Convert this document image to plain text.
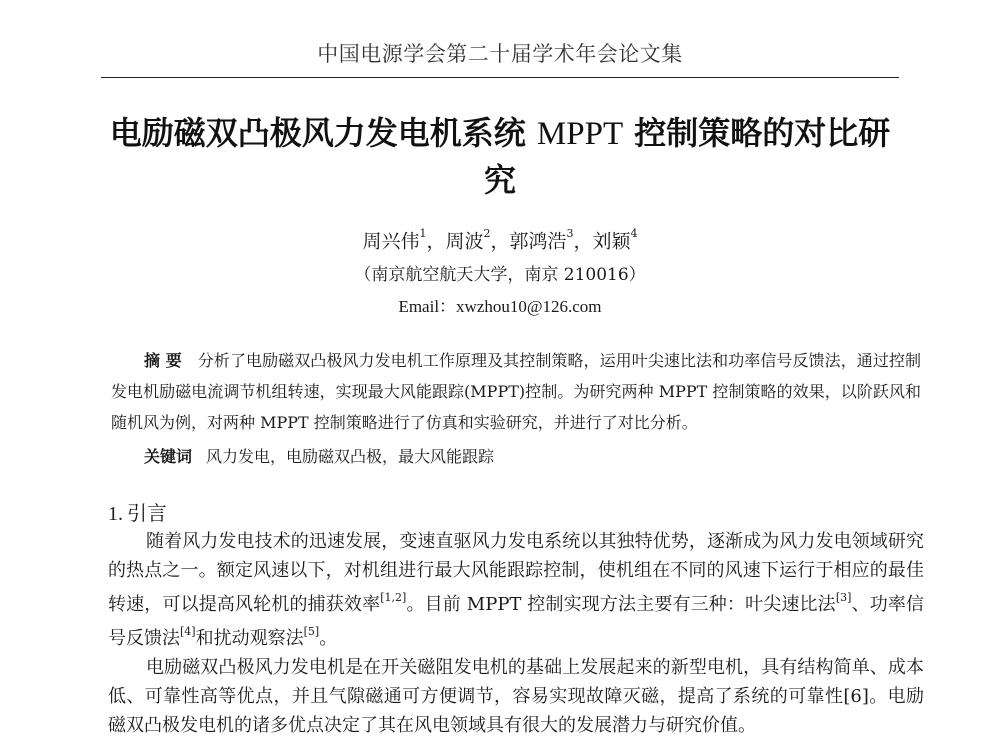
中国电源学会第二十届学术年会论文集
电励磁双凸极风力发电机系统 MPPT 控制策略的对比研究
周兴伟$^1$，周波$^2$，郭鸿浩$^3$，刘颖$^4$
（南京航空航天大学，南京 210016）
Email：xwzhou10@126.com
摘 要 分析了电励磁双凸极风力发电机工作原理及其控制策略，运用叶尖速比法和功率信号反馈法，通过控制发电机励磁电流调节机组转速，实现最大风能跟踪(MPPT)控制。为研究两种 MPPT 控制策略的效果，以阶跃风和随机风为例，对两种 MPPT 控制策略进行了仿真和实验研究，并进行了对比分析。
关键词 风力发电，电励磁双凸极，最大风能跟踪
1. 引言

随着风力发电技术的迅速发展，变速直驱风力发电系统以其独特优势，逐渐成为风力发电领域研究的热点之一。额定风速以下，对机组进行最大风能跟踪控制，使机组在不同的风速下运行于相应的最佳转速，可以提高风轮机的捕获效率[1,2]。目前 MPPT 控制实现方法主要有三种：叶尖速比法[3]、功率信号反馈法[4]和扰动观察法[5]。

电励磁双凸极风力发电机是在开关磁阻发电机的基础上发展起来的新型电机，具有结构简单、成本低、可靠性高等优点，并且气隙磁通可方便调节，容易实现故障灭磁，提高了系统的可靠性[6]。电励磁双凸极发电机的诸多优点决定了其在风电领域具有很大的发展潜力与研究价值。
